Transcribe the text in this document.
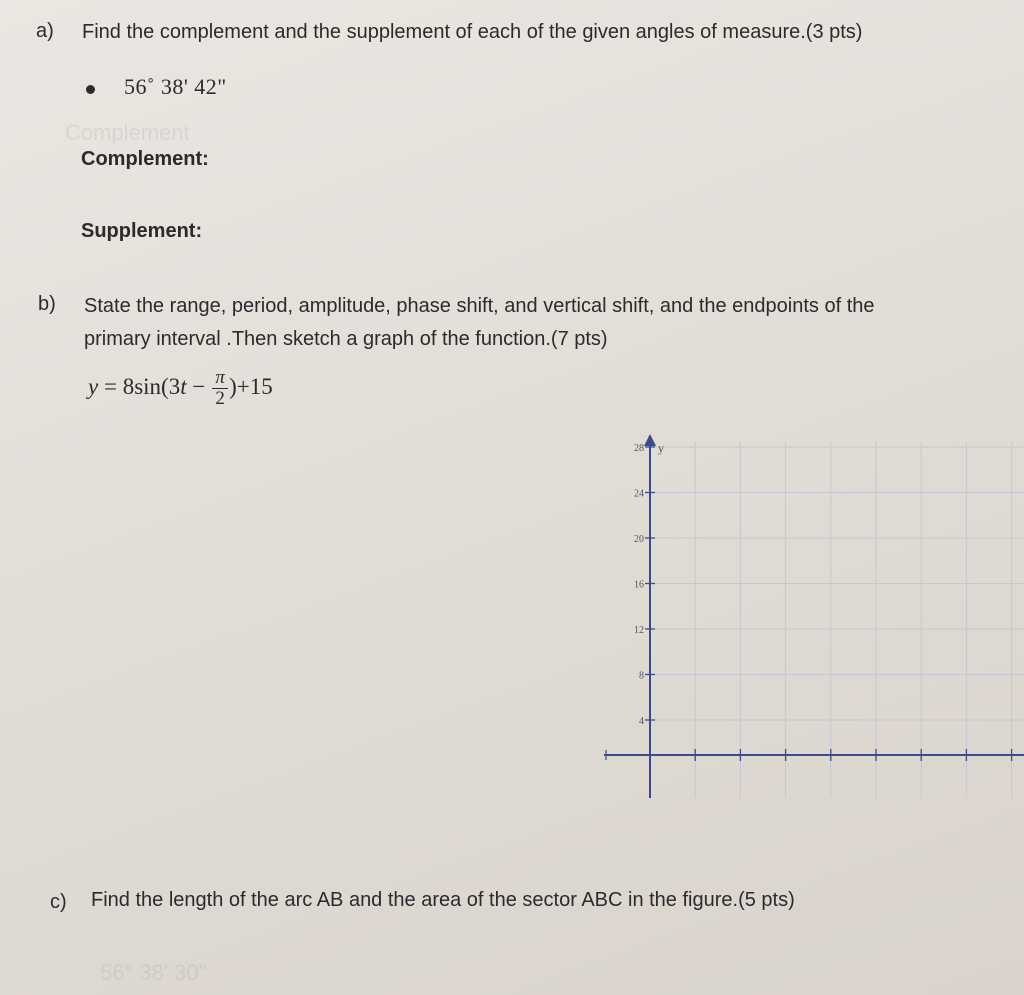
Complement
a) Find the complement and the supplement of each of the given angles of measure.(3 pts)
56˚ 38' 42"
Complement:
Supplement:
b) State the range, period, amplitude, phase shift, and vertical shift, and the endpoints of the
primary interval .Then sketch a graph of the function.(7 pts)
$y = 8\sin(3t - \frac{\pi}{2} )+15$
28
24
20
16
12
8
4
y
c) Find the length of the arc AB and the area of the sector ABC in the figure.(5 pts)
56° 38' 30"
